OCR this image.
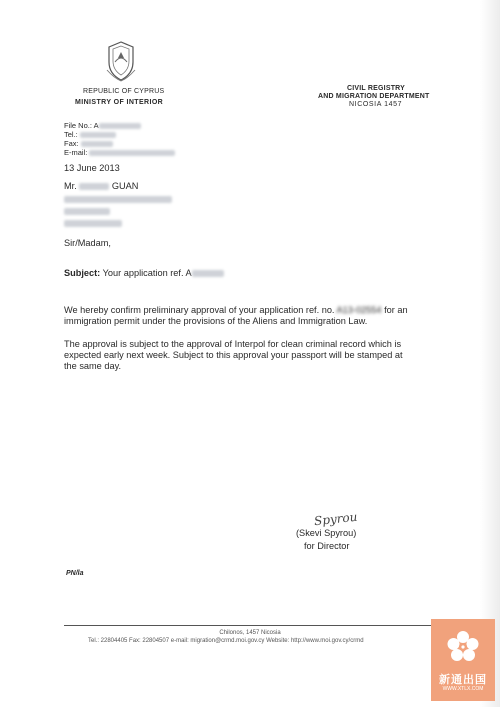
REPUBLIC OF CYPRUS
MINISTRY OF INTERIOR
CIVIL REGISTRY
AND MIGRATION DEPARTMENT
NICOSIA 1457
File No.: A
Tel.:
Fax:
E-mail:
13 June 2013
Mr.	GUAN
Sir/Madam,
Subject: Your application ref. A
We hereby confirm preliminary approval of your application ref. no. A13-02554 for an
immigration permit under the provisions of the Aliens and Immigration Law.
The approval is subject to the approval of Interpol for clean criminal record which is
expected early next week. Subject to this approval your passport will be stamped at
the same day.
Spyrou
(Skevi Spyrou)
for Director
PN/la
Chilonos, 1457 Nicosia
Tel.: 22804405 Fax: 22804507 e-mail: migration@crmd.moi.gov.cy Website: http://www.moi.gov.cy/crmd
新通出国
WWW.XTLX.COM
